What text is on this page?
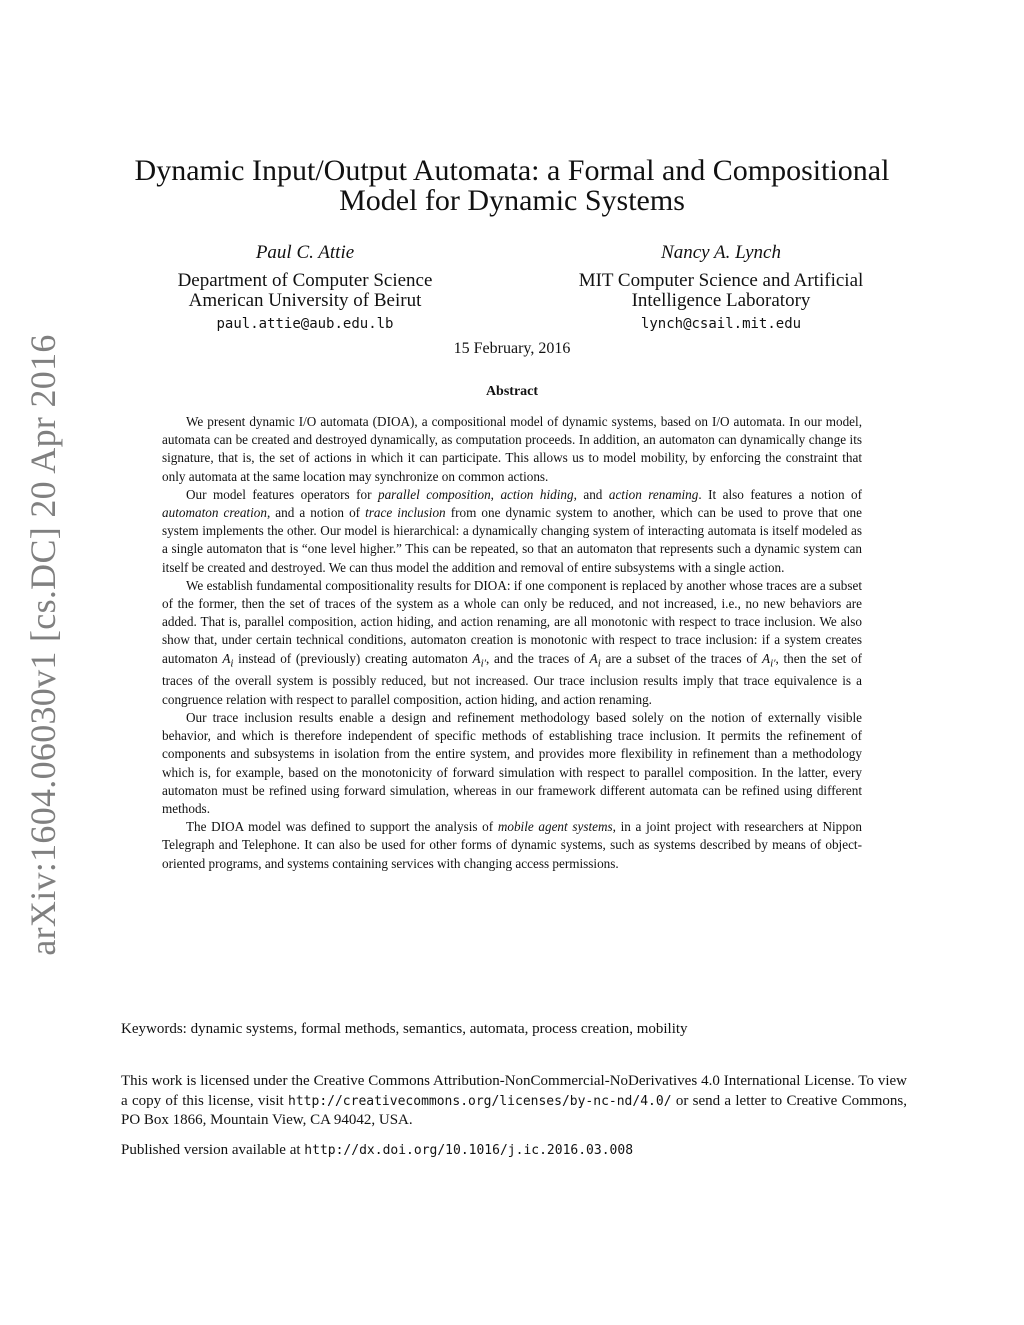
arXiv:1604.06030v1 [cs.DC] 20 Apr 2016
Dynamic Input/Output Automata: a Formal and Compositional
Model for Dynamic Systems
Paul C. Attie
Department of Computer Science
American University of Beirut
paul.attie@aub.edu.lb
Nancy A. Lynch
MIT Computer Science and Artificial
Intelligence Laboratory
lynch@csail.mit.edu
15 February, 2016
Abstract

We present dynamic I/O automata (DIOA), a compositional model of dynamic systems, based on I/O automata. In our model, automata can be created and destroyed dynamically, as computation proceeds. In addition, an automaton can dynamically change its signature, that is, the set of actions in which it can participate. This allows us to model mobility, by enforcing the constraint that only automata at the same location may synchronize on common actions.

Our model features operators for parallel composition, action hiding, and action renaming. It also features a notion of automaton creation, and a notion of trace inclusion from one dynamic system to another, which can be used to prove that one system implements the other. Our model is hierarchical: a dynamically changing system of interacting automata is itself modeled as a single automaton that is “one level higher.” This can be repeated, so that an automaton that represents such a dynamic system can itself be created and destroyed. We can thus model the addition and removal of entire subsystems with a single action.

We establish fundamental compositionality results for DIOA: if one component is replaced by another whose traces are a subset of the former, then the set of traces of the system as a whole can only be reduced, and not increased, i.e., no new behaviors are added. That is, parallel composition, action hiding, and action renaming, are all monotonic with respect to trace inclusion. We also show that, under certain technical conditions, automaton creation is monotonic with respect to trace inclusion: if a system creates automaton $A_i$ instead of (previously) creating automaton $A_{i'}$, and the traces of $A_i$ are a subset of the traces of $A_{i'}$, then the set of traces of the overall system is possibly reduced, but not increased. Our trace inclusion results imply that trace equivalence is a congruence relation with respect to parallel composition, action hiding, and action renaming.

Our trace inclusion results enable a design and refinement methodology based solely on the notion of externally visible behavior, and which is therefore independent of specific methods of establishing trace inclusion. It permits the refinement of components and subsystems in isolation from the entire system, and provides more flexibility in refinement than a methodology which is, for example, based on the monotonicity of forward simulation with respect to parallel composition. In the latter, every automaton must be refined using forward simulation, whereas in our framework different automata can be refined using different methods.

The DIOA model was defined to support the analysis of mobile agent systems, in a joint project with researchers at Nippon Telegraph and Telephone. It can also be used for other forms of dynamic systems, such as systems described by means of object-oriented programs, and systems containing services with changing access permissions.

Keywords: dynamic systems, formal methods, semantics, automata, process creation, mobility
This work is licensed under the Creative Commons Attribution-NonCommercial-NoDerivatives 4.0 International License. To view a copy of this license, visit http://creativecommons.org/licenses/by-nc-nd/4.0/ or send a letter to Creative Commons, PO Box 1866, Mountain View, CA 94042, USA.
Published version available at http://dx.doi.org/10.1016/j.ic.2016.03.008
